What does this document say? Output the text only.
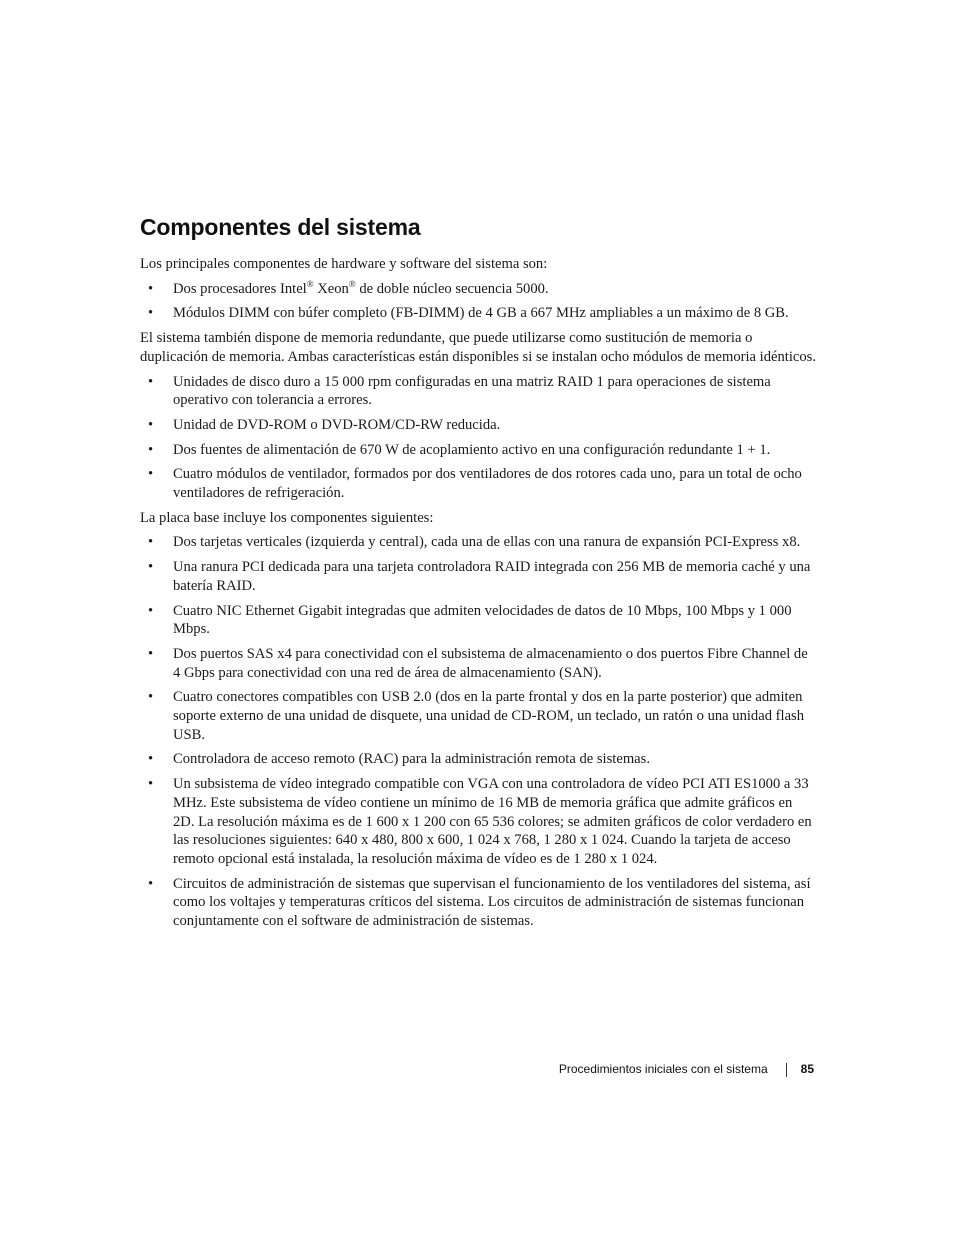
Componentes del sistema

Los principales componentes de hardware y software del sistema son:

• Dos procesadores Intel® Xeon® de doble núcleo secuencia 5000.
• Módulos DIMM con búfer completo (FB-DIMM) de 4 GB a 667 MHz ampliables a un máximo de 8 GB.

El sistema también dispone de memoria redundante, que puede utilizarse como sustitución de memoria o duplicación de memoria. Ambas características están disponibles si se instalan ocho módulos de memoria idénticos.

• Unidades de disco duro a 15 000 rpm configuradas en una matriz RAID 1 para operaciones de sistema operativo con tolerancia a errores.
• Unidad de DVD-ROM o DVD-ROM/CD-RW reducida.
• Dos fuentes de alimentación de 670 W de acoplamiento activo en una configuración redundante 1 + 1.
• Cuatro módulos de ventilador, formados por dos ventiladores de dos rotores cada uno, para un total de ocho ventiladores de refrigeración.

La placa base incluye los componentes siguientes:

• Dos tarjetas verticales (izquierda y central), cada una de ellas con una ranura de expansión PCI-Express x8.
• Una ranura PCI dedicada para una tarjeta controladora RAID integrada con 256 MB de memoria caché y una batería RAID.
• Cuatro NIC Ethernet Gigabit integradas que admiten velocidades de datos de 10 Mbps, 100 Mbps y 1 000 Mbps.
• Dos puertos SAS x4 para conectividad con el subsistema de almacenamiento o dos puertos Fibre Channel de 4 Gbps para conectividad con una red de área de almacenamiento (SAN).
• Cuatro conectores compatibles con USB 2.0 (dos en la parte frontal y dos en la parte posterior) que admiten soporte externo de una unidad de disquete, una unidad de CD-ROM, un teclado, un ratón o una unidad flash USB.
• Controladora de acceso remoto (RAC) para la administración remota de sistemas.
• Un subsistema de vídeo integrado compatible con VGA con una controladora de vídeo PCI ATI ES1000 a 33 MHz. Este subsistema de vídeo contiene un mínimo de 16 MB de memoria gráfica que admite gráficos en 2D. La resolución máxima es de 1 600 x 1 200 con 65 536 colores; se admiten gráficos de color verdadero en las resoluciones siguientes: 640 x 480, 800 x 600, 1 024 x 768, 1 280 x 1 024. Cuando la tarjeta de acceso remoto opcional está instalada, la resolución máxima de vídeo es de 1 280 x 1 024.
• Circuitos de administración de sistemas que supervisan el funcionamiento de los ventiladores del sistema, así como los voltajes y temperaturas críticos del sistema. Los circuitos de administración de sistemas funcionan conjuntamente con el software de administración de sistemas.
Procedimientos iniciales con el sistema	85
